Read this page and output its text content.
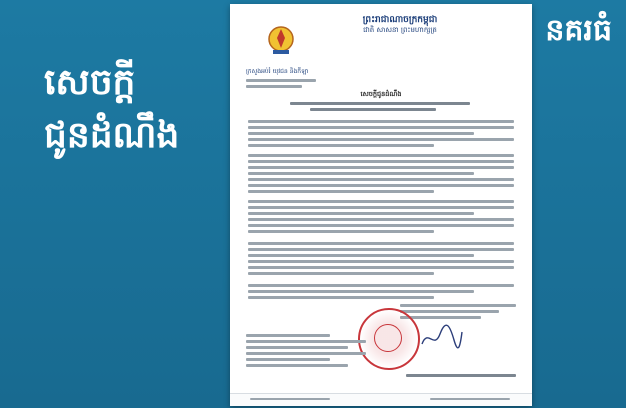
នគរធំ
សេចក្តី
ជូនដំណឹង
ព្រះរាជាណាចក្រកម្ពុជា
ជាតិ សាសនា ព្រះមហាក្សត្រ
ក្រសួងអប់រំ យុវជន និងកីឡា
សេចក្តីជូនដំណឹង
